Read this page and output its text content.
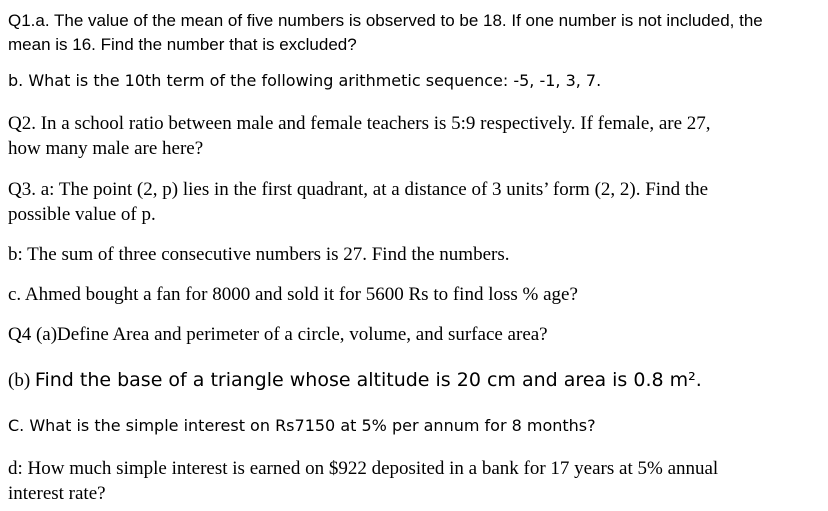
Q1.a. The value of the mean of five numbers is observed to be 18. If one number is not included, the
mean is 16. Find the number that is excluded?
b. What is the 10th term of the following arithmetic sequence: -5, -1, 3, 7.
Q2. In a school ratio between male and female teachers is 5:9 respectively. If female, are 27,
how many male are here?
Q3. a: The point (2, p) lies in the first quadrant, at a distance of 3 units’ form (2, 2). Find the
possible value of p.
b: The sum of three consecutive numbers is 27. Find the numbers.
c. Ahmed bought a fan for 8000 and sold it for 5600 Rs to find loss % age?
Q4 (a)Define Area and perimeter of a circle, volume, and surface area?
(b) Find the base of a triangle whose altitude is 20 cm and area is 0.8 m².
C. What is the simple interest on Rs7150 at 5% per annum for 8 months?
d: How much simple interest is earned on $922 deposited in a bank for 17 years at 5% annual
interest rate?
